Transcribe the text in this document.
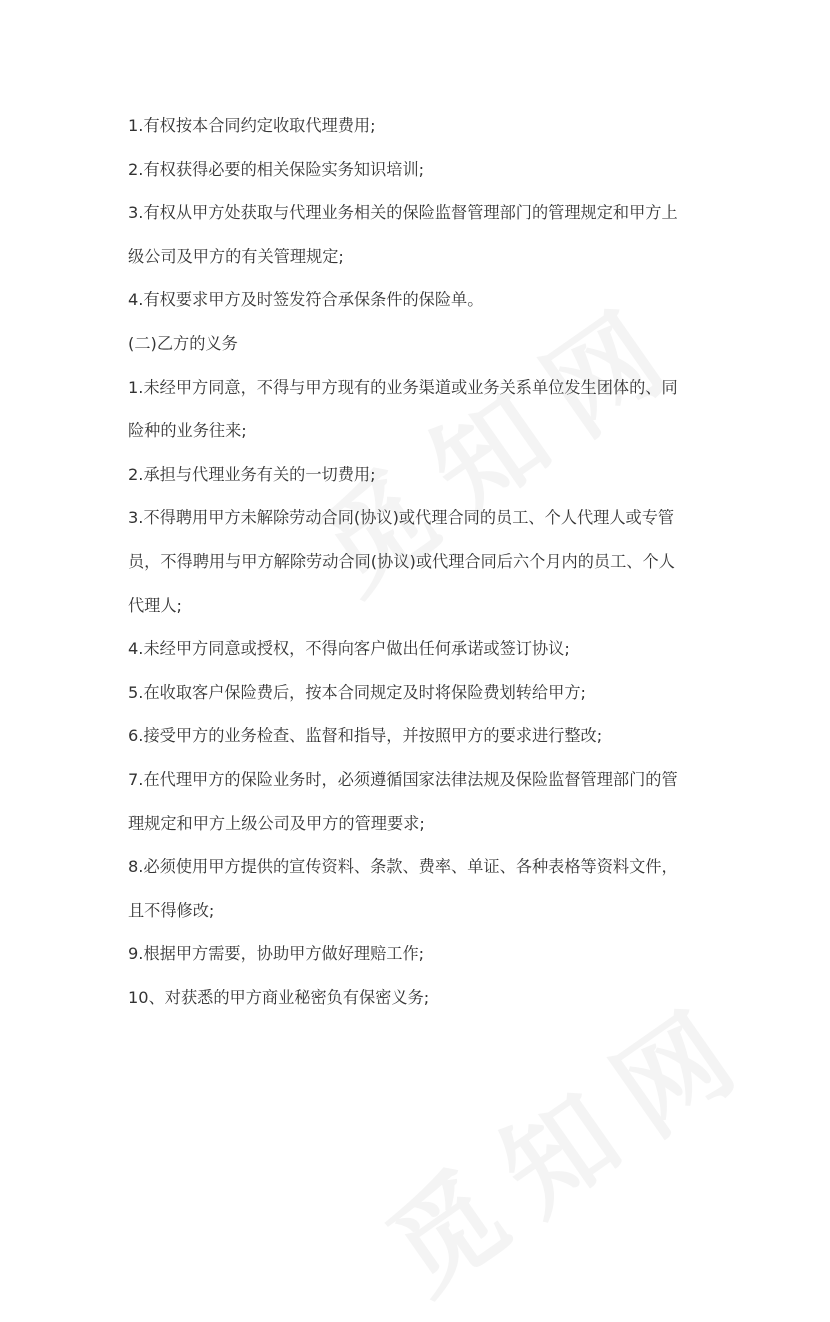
1.有权按本合同约定收取代理费用;
2.有权获得必要的相关保险实务知识培训;
3.有权从甲方处获取与代理业务相关的保险监督管理部门的管理规定和甲方上
级公司及甲方的有关管理规定;
4.有权要求甲方及时签发符合承保条件的保险单。
(二)乙方的义务
1.未经甲方同意，不得与甲方现有的业务渠道或业务关系单位发生团体的、同
险种的业务往来;
2.承担与代理业务有关的一切费用;
3.不得聘用甲方未解除劳动合同(协议)或代理合同的员工、个人代理人或专管
员，不得聘用与甲方解除劳动合同(协议)或代理合同后六个月内的员工、个人
代理人;
4.未经甲方同意或授权，不得向客户做出任何承诺或签订协议;
5.在收取客户保险费后，按本合同规定及时将保险费划转给甲方;
6.接受甲方的业务检查、监督和指导，并按照甲方的要求进行整改;
7.在代理甲方的保险业务时，必须遵循国家法律法规及保险监督管理部门的管
理规定和甲方上级公司及甲方的管理要求;
8.必须使用甲方提供的宣传资料、条款、费率、单证、各种表格等资料文件，
且不得修改;
9.根据甲方需要，协助甲方做好理赔工作;
10、对获悉的甲方商业秘密负有保密义务;
